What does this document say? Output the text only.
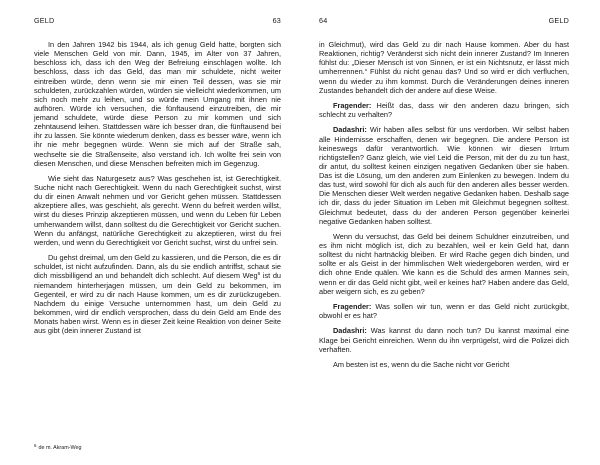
GELD	63

In den Jahren 1942 bis 1944, als ich genug Geld hatte, borgten sich viele Menschen Geld von mir. Dann, 1945, im Alter von 37 Jahren, beschloss ich, dass ich den Weg der Befreiung einschlagen wollte. Ich beschloss, dass ich das Geld, das man mir schuldete, nicht weiter eintreiben würde, denn wenn sie mir einen Teil dessen, was sie mir schuldeten, zurückzahlen würden, würden sie vielleicht wiederkommen, um sich noch mehr zu leihen, und so würde mein Umgang mit ihnen nie aufhören. Würde ich versuchen, die fünftausend einzutreiben, die mir jemand schuldete, würde diese Person zu mir kommen und sich zehntausend leihen. Stattdessen wäre ich besser dran, die fünftausend bei ihr zu lassen. Sie könnte wiederum denken, dass es besser wäre, wenn ich ihr nie mehr begegnen würde. Wenn sie mich auf der Straße sah, wechselte sie die Straßenseite, also verstand ich. Ich wollte frei sein von diesen Menschen, und diese Menschen befreiten mich im Gegenzug.

Wie sieht das Naturgesetz aus? Was geschehen ist, ist Gerechtigkeit. Suche nicht nach Gerechtigkeit. Wenn du nach Gerechtigkeit suchst, wirst du dir einen Anwalt nehmen und vor Gericht gehen müssen. Stattdessen akzeptiere alles, was geschieht, als gerecht. Wenn du befreit werden willst, wirst du dieses Prinzip akzeptieren müssen, und wenn du Leben für Leben umherwandern willst, dann solltest du die Gerechtigkeit vor Gericht suchen. Wenn du anfängst, natürliche Gerechtigkeit zu akzeptieren, wirst du frei werden, und wenn du Gerechtigkeit vor Gericht suchst, wirst du unfrei sein.

Du gehst dreimal, um den Geld zu kassieren, und die Person, die es dir schuldet, ist nicht aufzufinden. Dann, als du sie endlich antriffst, schaut sie dich missbilligend an und behandelt dich schlecht. Auf diesem Weg$^6$ ist du niemandem hinterherjagen müssen, um dein Geld zu bekommen, im Gegenteil, er wird zu dir nach Hause kommen, um es dir zurückzugeben. Nachdem du einige Versuche unternommen hast, um dein Geld zu bekommen, wird dir endlich versprochen, dass du dein Geld am Ende des Monats haben wirst. Wenn es in dieser Zeit keine Reaktion von deiner Seite aus gibt (dein innerer Zustand ist

$^6$ de m. Akram-Weg
64	GELD

in Gleichmut), wird das Geld zu dir nach Hause kommen. Aber du hast Reaktionen, richtig? Veränderst sich nicht dein innerer Zustand? Im Inneren fühlst du: „Dieser Mensch ist von Sinnen, er ist ein Nichtsnutz, er lässt mich umherrennen.“ Fühlst du nicht genau das? Und so wird er dich verfluchen, wenn du wieder zu ihm kommst. Durch die Veränderungen deines inneren Zustandes behandelt dich der andere auf diese Weise.

Fragender: Heißt das, dass wir den anderen dazu bringen, sich schlecht zu verhalten?

Dadashri: Wir haben alles selbst für uns verdorben. Wir selbst haben alle Hindernisse erschaffen, denen wir begegnen. Die andere Person ist keineswegs dafür verantwortlich. Wie können wir diesen Irrtum richtigstellen? Ganz gleich, wie viel Leid die Person, mit der du zu tun hast, dir antut, du solltest keinen einzigen negativen Gedanken über sie haben. Das ist die Lösung, um den anderen zum Einlenken zu bewegen. Indem du das tust, wird sowohl für dich als auch für den anderen alles besser werden. Die Menschen dieser Welt werden negative Gedanken haben. Deshalb sage ich dir, dass du jeder Situation im Leben mit Gleichmut begegnen solltest. Gleichmut bedeutet, dass du der anderen Person gegenüber keinerlei negative Gedanken haben solltest.

Wenn du versuchst, das Geld bei deinem Schuldner einzutreiben, und es ihm nicht möglich ist, dich zu bezahlen, weil er kein Geld hat, dann solltest du nicht hartnäckig bleiben. Er wird Rache gegen dich binden, und sollte er als Geist in der himmlischen Welt wiedergeboren werden, wird er dich ohne Ende quälen. Wie kann es die Schuld des armen Mannes sein, wenn er dir das Geld nicht gibt, weil er keines hat? Haben andere das Geld, aber weigern sich, es zu geben?

Fragender: Was sollen wir tun, wenn er das Geld nicht zurückgibt, obwohl er es hat?

Dadashri: Was kannst du dann noch tun? Du kannst maximal eine Klage bei Gericht einreichen. Wenn du ihn verprügelst, wird die Polizei dich verhaften.

Am besten ist es, wenn du die Sache nicht vor Gericht
